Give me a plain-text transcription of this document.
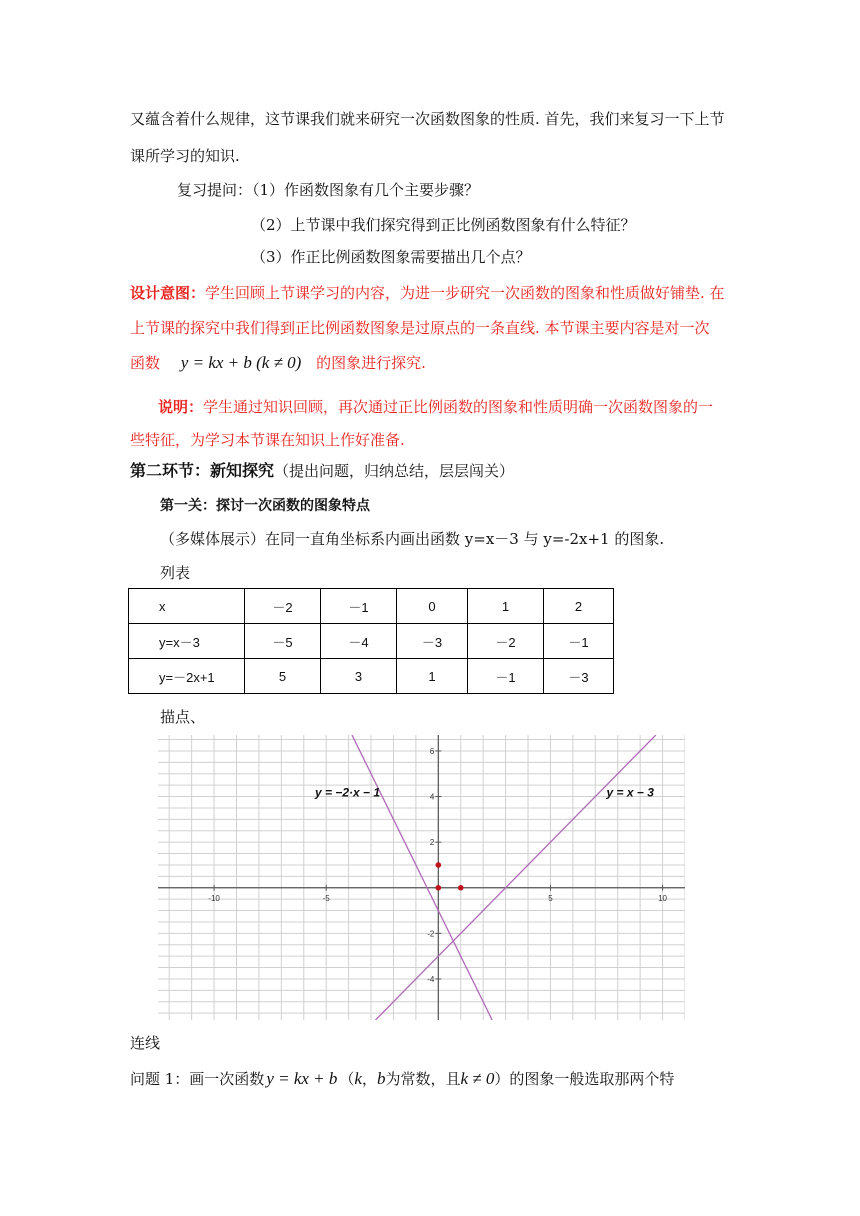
又蕴含着什么规律，这节课我们就来研究一次函数图象的性质. 首先，我们来复习一下上节
课所学习的知识.
复习提问：（1）作函数图象有几个主要步骤？
（2）上节课中我们探究得到正比例函数图象有什么特征？
（3）作正比例函数图象需要描出几个点？
设计意图：学生回顾上节课学习的内容，为进一步研究一次函数的图象和性质做好铺垫. 在
上节课的探究中我们得到正比例函数图象是过原点的一条直线. 本节课主要内容是对一次
函数 y = kx + b (k ≠ 0) 的图象进行探究.
说明：学生通过知识回顾，再次通过正比例函数的图象和性质明确一次函数图象的一
些特征，为学习本节课在知识上作好准备.
第二环节：新知探究（提出问题，归纳总结，层层闯关）
第一关：探讨一次函数的图象特点
（多媒体展示）在同一直角坐标系内画出函数 y=x－3 与 y=-2x+1 的图象.
列表
x	－2	－1	0	1	2
y=x－3	－5	－4	－3	－2	－1
y=－2x+1	5	3	1	－1	－3
描点、
-10	-5	5	10
6
4
2
-2
-4
y = −2·x − 1	y = x − 3
连线
问题 1：画一次函数 y = kx + b （k，b为常数，且k ≠ 0）的图象一般选取那两个特
